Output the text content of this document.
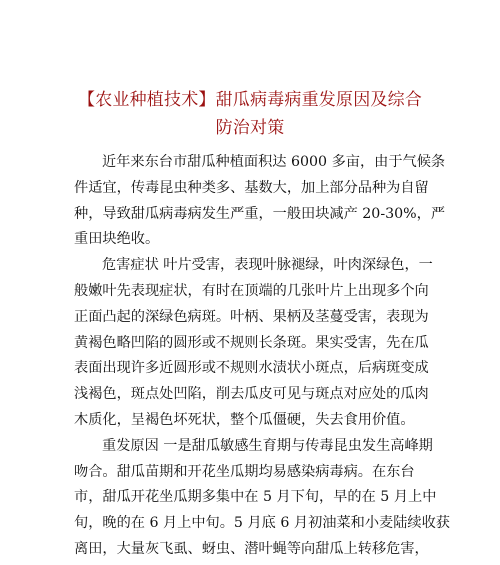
【农业种植技术】甜瓜病毒病重发原因及综合
防治对策
近年来东台市甜瓜种植面积达 6000 多亩，由于气候条
件适宜，传毒昆虫种类多、基数大，加上部分品种为自留
种，导致甜瓜病毒病发生严重，一般田块减产 20-30%，严
重田块绝收。
危害症状 叶片受害，表现叶脉褪绿，叶肉深绿色，一
般嫩叶先表现症状，有时在顶端的几张叶片上出现多个向
正面凸起的深绿色病斑。叶柄、果柄及茎蔓受害，表现为
黄褐色略凹陷的圆形或不规则长条斑。果实受害，先在瓜
表面出现许多近圆形或不规则水渍状小斑点，后病斑变成
浅褐色，斑点处凹陷，削去瓜皮可见与斑点对应处的瓜肉
木质化，呈褐色坏死状，整个瓜僵硬，失去食用价值。
重发原因 一是甜瓜敏感生育期与传毒昆虫发生高峰期
吻合。甜瓜苗期和开花坐瓜期均易感染病毒病。在东台
市，甜瓜开花坐瓜期多集中在 5 月下旬，早的在 5 月上中
旬，晚的在 6 月上中旬。5 月底 6 月初油菜和小麦陆续收获
离田，大量灰飞虱、蚜虫、潜叶蝇等向甜瓜上转移危害，
